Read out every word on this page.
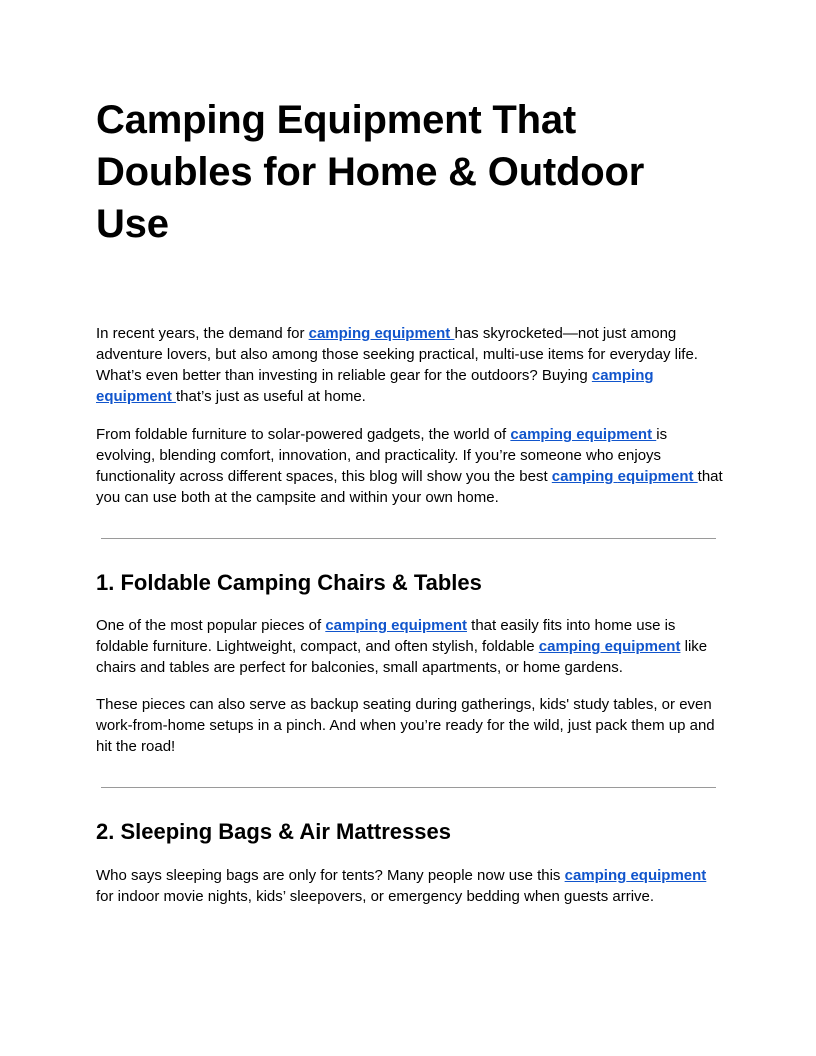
Camping Equipment That Doubles for Home & Outdoor Use

In recent years, the demand for camping equipment has skyrocketed—not just among adventure lovers, but also among those seeking practical, multi-use items for everyday life. What’s even better than investing in reliable gear for the outdoors? Buying camping equipment that’s just as useful at home.

From foldable furniture to solar-powered gadgets, the world of camping equipment is evolving, blending comfort, innovation, and practicality. If you’re someone who enjoys functionality across different spaces, this blog will show you the best camping equipment that you can use both at the campsite and within your own home.

1. Foldable Camping Chairs & Tables

One of the most popular pieces of camping equipment that easily fits into home use is foldable furniture. Lightweight, compact, and often stylish, foldable camping equipment like chairs and tables are perfect for balconies, small apartments, or home gardens.

These pieces can also serve as backup seating during gatherings, kids' study tables, or even work-from-home setups in a pinch. And when you’re ready for the wild, just pack them up and hit the road!

2. Sleeping Bags & Air Mattresses

Who says sleeping bags are only for tents? Many people now use this camping equipment for indoor movie nights, kids’ sleepovers, or emergency bedding when guests arrive.
